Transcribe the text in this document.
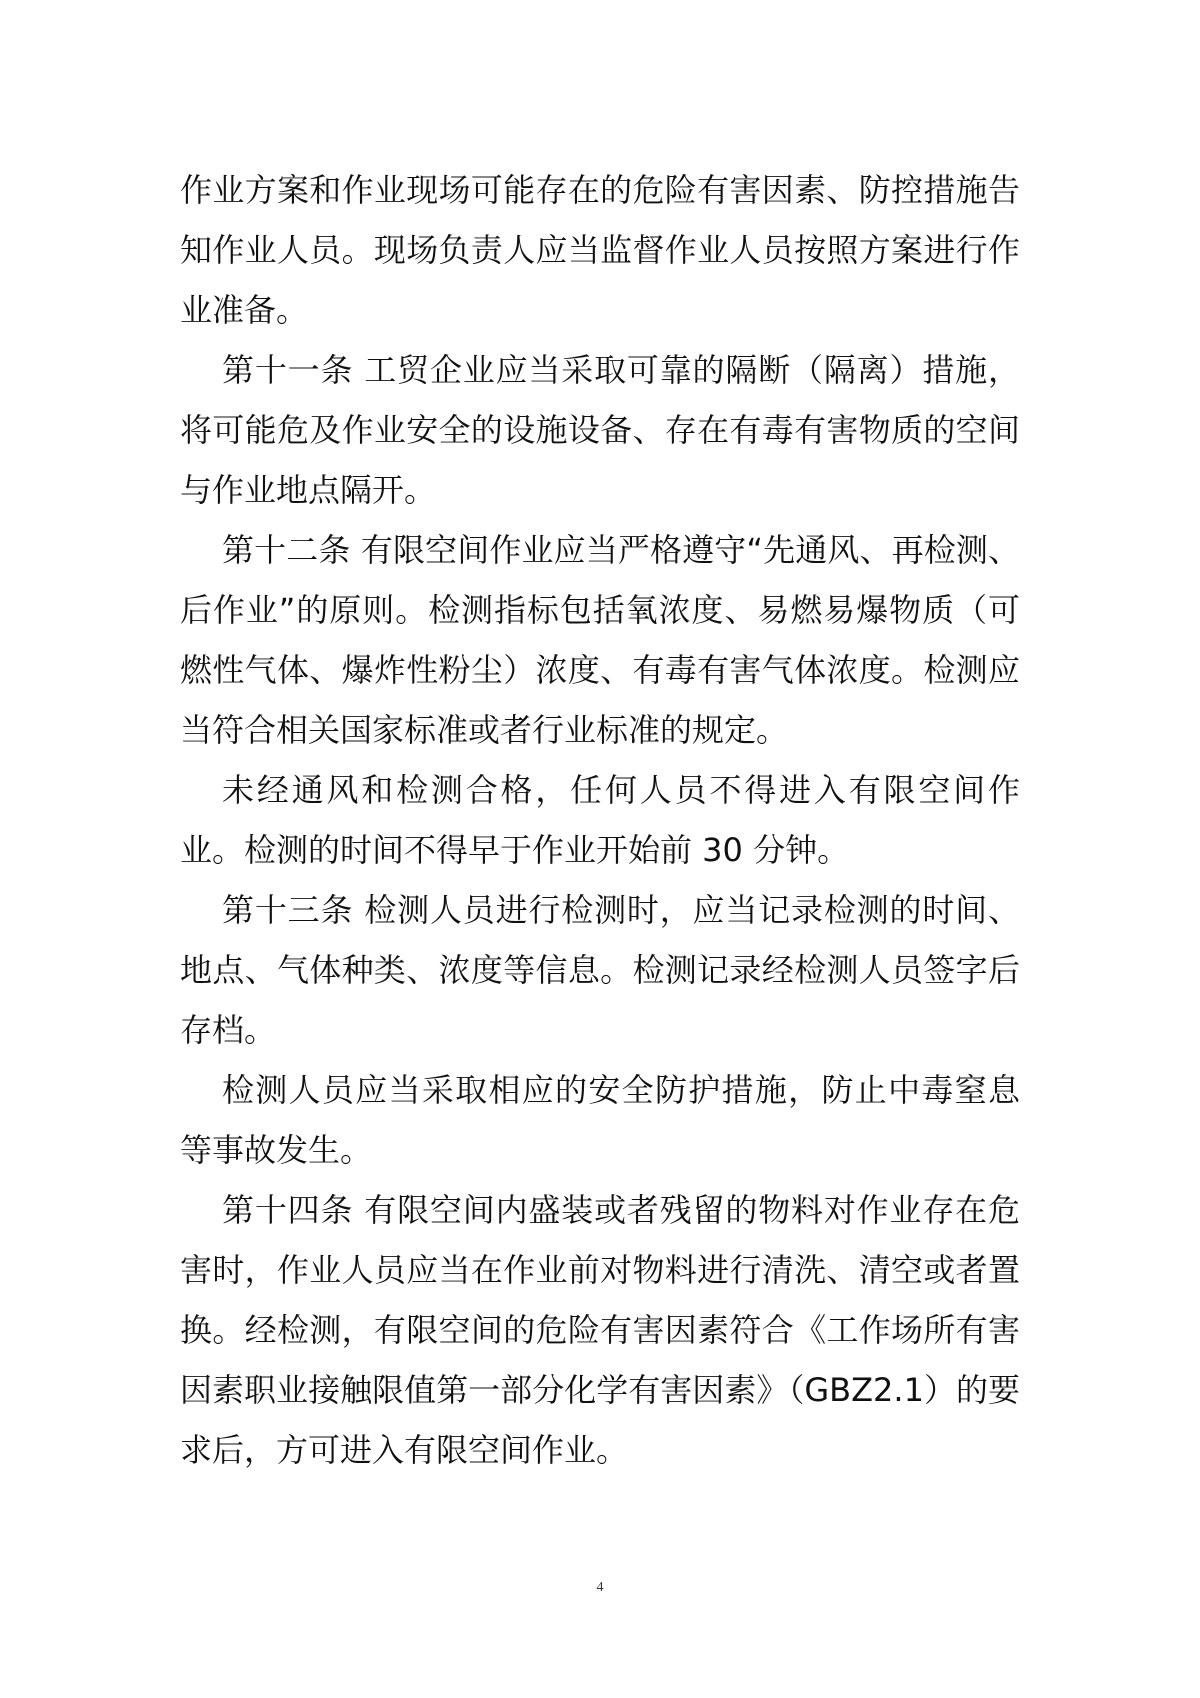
作业方案和作业现场可能存在的危险有害因素、防控措施告知作业人员。现场负责人应当监督作业人员按照方案进行作业准备。

第十一条 工贸企业应当采取可靠的隔断（隔离）措施，将可能危及作业安全的设施设备、存在有毒有害物质的空间与作业地点隔开。

第十二条 有限空间作业应当严格遵守“先通风、再检测、后作业”的原则。检测指标包括氧浓度、易燃易爆物质（可燃性气体、爆炸性粉尘）浓度、有毒有害气体浓度。检测应当符合相关国家标准或者行业标准的规定。

未经通风和检测合格，任何人员不得进入有限空间作业。检测的时间不得早于作业开始前 30 分钟。

第十三条 检测人员进行检测时，应当记录检测的时间、地点、气体种类、浓度等信息。检测记录经检测人员签字后存档。

检测人员应当采取相应的安全防护措施，防止中毒窒息等事故发生。

第十四条 有限空间内盛装或者残留的物料对作业存在危害时，作业人员应当在作业前对物料进行清洗、清空或者置换。经检测，有限空间的危险有害因素符合《工作场所有害因素职业接触限值第一部分化学有害因素》（GBZ2.1）的要求后，方可进入有限空间作业。

4
